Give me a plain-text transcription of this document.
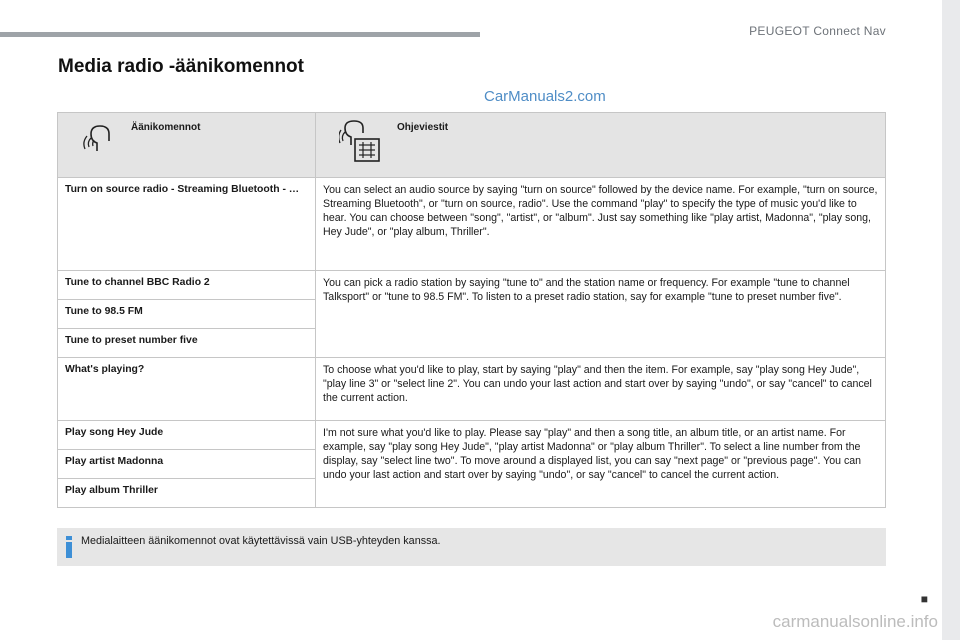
PEUGEOT Connect Nav
Media radio -äänikomennot
CarManuals2.com
Äänikomennot	Ohjeviestit

Turn on source radio - Streaming Bluetooth - …	You can select an audio source by saying "turn on source" followed by the device name. For example, "turn on source, Streaming Bluetooth", or "turn on source, radio". Use the command "play" to specify the type of music you'd like to hear. You can choose between "song", "artist", or "album". Just say something like "play artist, Madonna", "play song, Hey Jude", or "play album, Thriller".
Tune to channel BBC Radio 2	You can pick a radio station by saying "tune to" and the station name or frequency. For example "tune to channel Talksport" or "tune to 98.5 FM". To listen to a preset radio station, say for example "tune to preset number five".
Tune to 98.5 FM	
Tune to preset number five	
What's playing?	To choose what you'd like to play, start by saying "play" and then the item. For example, say "play song Hey Jude", "play line 3" or "select line 2". You can undo your last action and start over by saying "undo", or say "cancel" to cancel the current action.
Play song Hey Jude	I'm not sure what you'd like to play. Please say "play" and then a song title, an album title, or an artist name. For example, say "play song Hey Jude", "play artist Madonna" or "play album Thriller". To select a line number from the display, say "select line two". To move around a displayed list, you can say "next page" or "previous page". You can undo your last action and start over by saying "undo", or say "cancel" to cancel the current action.
Play artist Madonna	
Play album Thriller	
Medialaitteen äänikomennot ovat käytettävissä vain USB-yhteyden kanssa.
■
carmanualsonline.info
